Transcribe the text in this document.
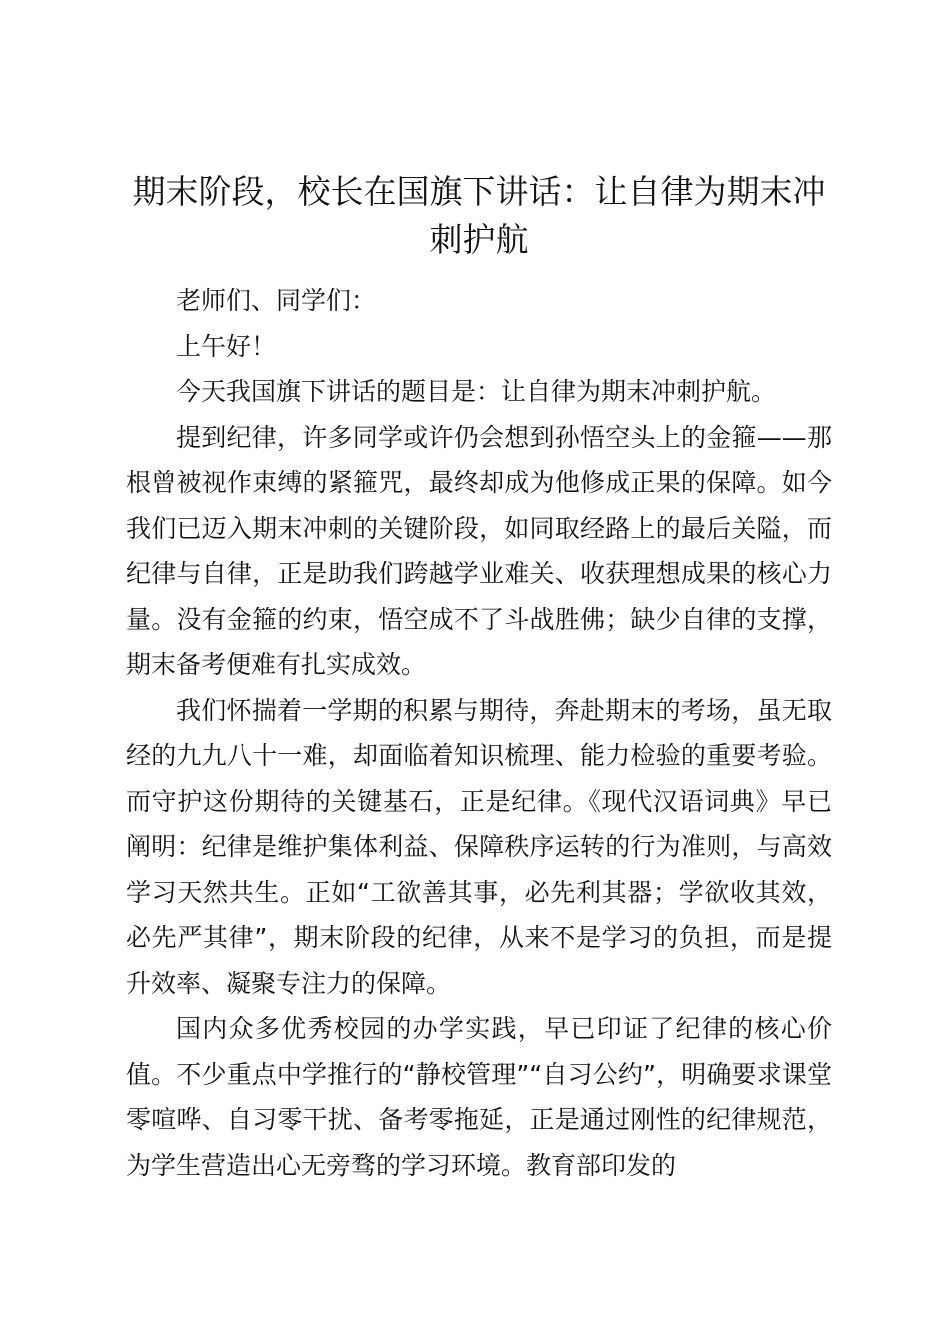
期末阶段，校长在国旗下讲话：让自律为期末冲刺护航

老师们、同学们：

上午好！

今天我国旗下讲话的题目是：让自律为期末冲刺护航。

提到纪律，许多同学或许仍会想到孙悟空头上的金箍——那根曾被视作束缚的紧箍咒，最终却成为他修成正果的保障。如今我们已迈入期末冲刺的关键阶段，如同取经路上的最后关隘，而纪律与自律，正是助我们跨越学业难关、收获理想成果的核心力量。没有金箍的约束，悟空成不了斗战胜佛；缺少自律的支撑，期末备考便难有扎实成效。

我们怀揣着一学期的积累与期待，奔赴期末的考场，虽无取经的九九八十一难，却面临着知识梳理、能力检验的重要考验。而守护这份期待的关键基石，正是纪律。《现代汉语词典》早已阐明：纪律是维护集体利益、保障秩序运转的行为准则，与高效学习天然共生。正如“工欲善其事，必先利其器；学欲收其效，必先严其律”，期末阶段的纪律，从来不是学习的负担，而是提升效率、凝聚专注力的保障。

国内众多优秀校园的办学实践，早已印证了纪律的核心价值。不少重点中学推行的“静校管理”“自习公约”，明确要求课堂零喧哗、自习零干扰、备考零拖延，正是通过刚性的纪律规范，为学生营造出心无旁骛的学习环境。教育部印发的
